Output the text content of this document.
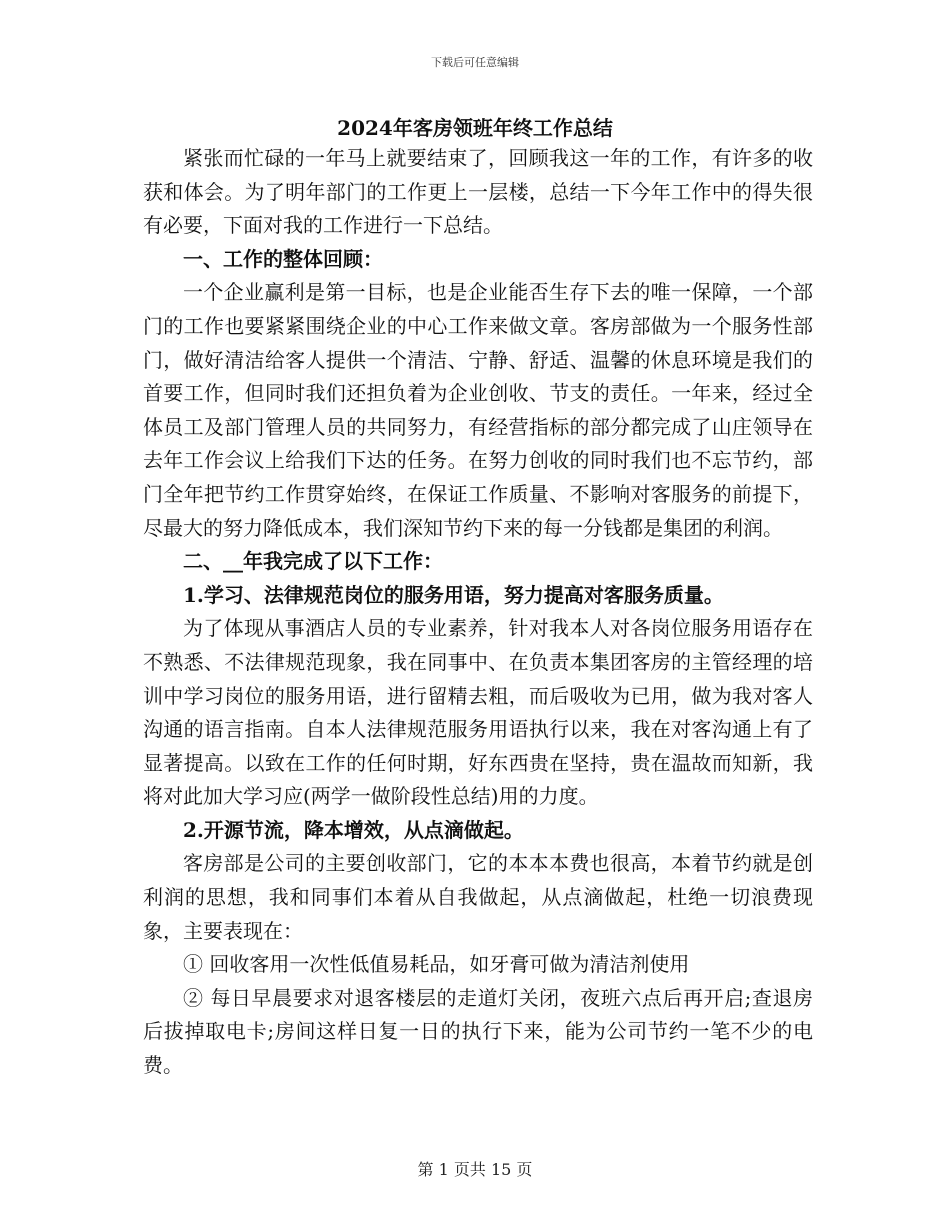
下载后可任意编辑
2024年客房领班年终工作总结

紧张而忙碌的一年马上就要结束了，回顾我这一年的工作，有许多的收获和体会。为了明年部门的工作更上一层楼，总结一下今年工作中的得失很有必要，下面对我的工作进行一下总结。

一、工作的整体回顾：

一个企业赢利是第一目标，也是企业能否生存下去的唯一保障，一个部门的工作也要紧紧围绕企业的中心工作来做文章。客房部做为一个服务性部门，做好清洁给客人提供一个清洁、宁静、舒适、温馨的休息环境是我们的首要工作，但同时我们还担负着为企业创收、节支的责任。一年来，经过全体员工及部门管理人员的共同努力，有经营指标的部分都完成了山庄领导在去年工作会议上给我们下达的任务。在努力创收的同时我们也不忘节约，部门全年把节约工作贯穿始终，在保证工作质量、不影响对客服务的前提下，尽最大的努力降低成本，我们深知节约下来的每一分钱都是集团的利润。

二、__年我完成了以下工作：

1.学习、法律规范岗位的服务用语，努力提高对客服务质量。

为了体现从事酒店人员的专业素养，针对我本人对各岗位服务用语存在不熟悉、不法律规范现象，我在同事中、在负责本集团客房的主管经理的培训中学习岗位的服务用语，进行留精去粗，而后吸收为已用，做为我对客人沟通的语言指南。自本人法律规范服务用语执行以来，我在对客沟通上有了显著提高。以致在工作的任何时期，好东西贵在坚持，贵在温故而知新，我将对此加大学习应(两学一做阶段性总结)用的力度。

2.开源节流，降本增效，从点滴做起。

客房部是公司的主要创收部门，它的本本本费也很高，本着节约就是创利润的思想，我和同事们本着从自我做起，从点滴做起，杜绝一切浪费现象，主要表现在：

① 回收客用一次性低值易耗品，如牙膏可做为清洁剂使用

② 每日早晨要求对退客楼层的走道灯关闭，夜班六点后再开启;查退房后拔掉取电卡;房间这样日复一日的执行下来，能为公司节约一笔不少的电费。

第 1 页共 15 页
